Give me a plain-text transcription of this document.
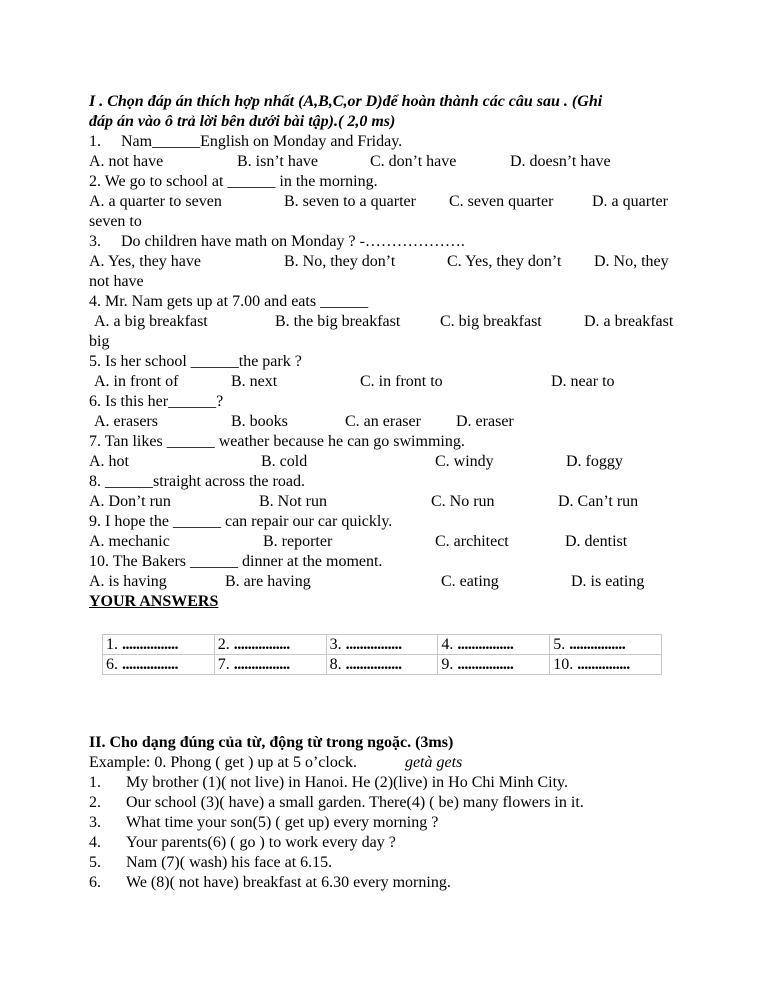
I . Chọn đáp án thích hợp nhất (A,B,C,or D)để hoàn thành các câu sau . (Ghi
đáp án vào ô trả lời bên dưới bài tập).( 2,0 ms)
1. Nam______English on Monday and Friday.
A. not have	B. isn’t have	C. don’t have	D. doesn’t have
2. We go to school at ______ in the morning.
A. a quarter to seven	B. seven to a quarter	C. seven quarter	D. a quarter
seven to
3. Do children have math on Monday ? -……………….
A. Yes, they have	B. No, they don’t	C. Yes, they don’t	D. No, they
not have
4. Mr. Nam gets up at 7.00 and eats ______
A. a big breakfast	B. the big breakfast	C. big breakfast	D. a breakfast
big
5. Is her school ______the park ?
A. in front of	B. next	C. in front to	D. near to
6. Is this her______?
A. erasers	B. books	C. an eraser	D. eraser
7. Tan likes ______ weather because he can go swimming.
A. hot	B. cold	C. windy	D. foggy
8. ______straight across the road.
A. Don’t run	B. Not run	C. No run	D. Can’t run
9. I hope the ______ can repair our car quickly.
A. mechanic	B. reporter	C. architect	D. dentist
10. The Bakers ______ dinner at the moment.
A. is having	B. are having	C. eating	D. is eating
YOUR ANSWERS
1. ................	2. ................	3. ................	4. ................	5. ................
6. ................	7. ................	8. ................	9. ................	10. ...............
II. Cho dạng đúng của từ, động từ trong ngoặc. (3ms)
Example: 0. Phong ( get ) up at 5 o’clock.	getà gets
1.	My brother (1)( not live) in Hanoi. He (2)(live) in Ho Chi Minh City.
2.	Our school (3)( have) a small garden. There(4) ( be) many flowers in it.
3.	What time your son(5) ( get up) every morning ?
4.	Your parents(6) ( go ) to work every day ?
5.	Nam (7)( wash) his face at 6.15.
6.	We (8)( not have) breakfast at 6.30 every morning.
